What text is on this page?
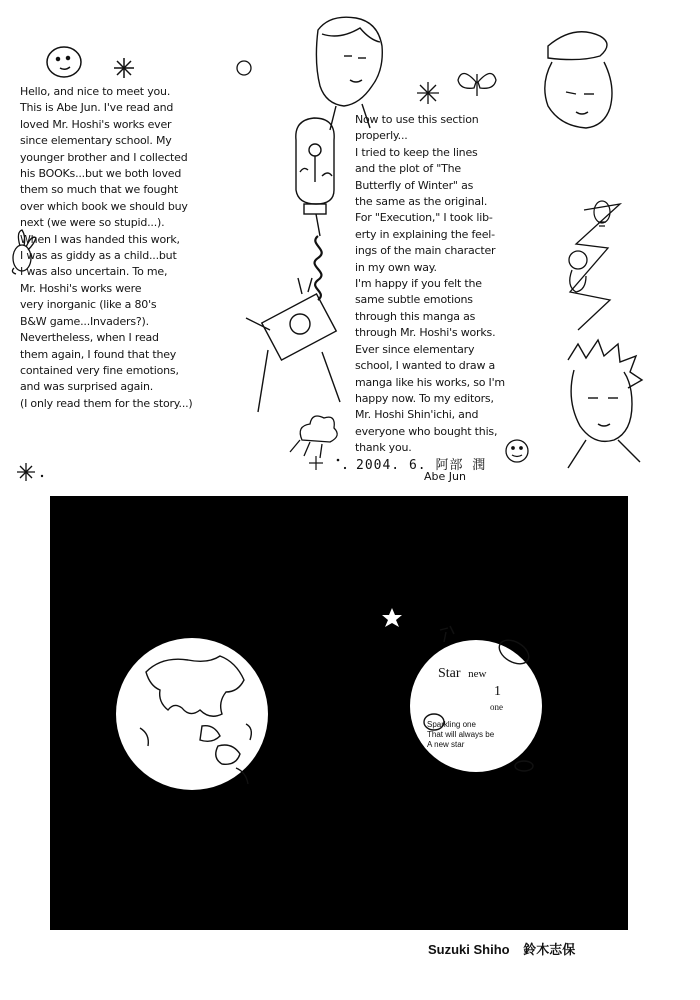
Hello, and nice to meet you.
This is Abe Jun. I've read and
loved Mr. Hoshi's works ever
since elementary school. My
younger brother and I collected
his BOOKs...but we both loved
them so much that we fought
over which book we should buy
next (we were so stupid...).
When I was handed this work,
I was as giddy as a child...but
I was also uncertain. To me,
Mr. Hoshi's works were
very inorganic (like a 80's
B&W game...Invaders?).
Nevertheless, when I read
them again, I found that they
contained very fine emotions,
and was surprised again.
(I only read them for the story...)
Now to use this section
properly...
I tried to keep the lines
and the plot of "The
Butterfly of Winter" as
the same as the original.
For "Execution," I took lib-
erty in explaining the feel-
ings of the main character
in my own way.
I'm happy if you felt the
same subtle emotions
through this manga as
through Mr. Hoshi's works.
Ever since elementary
school, I wanted to draw a
manga like his works, so I'm
happy now. To my editors,
Mr. Hoshi Shin'ichi, and
everyone who bought this,
thank you.
2004. 6. 阿部 潤
Abe Jun
Star new
1
one
Sparkling one
That will always be
A new star
Suzuki Shiho 鈴木志保
